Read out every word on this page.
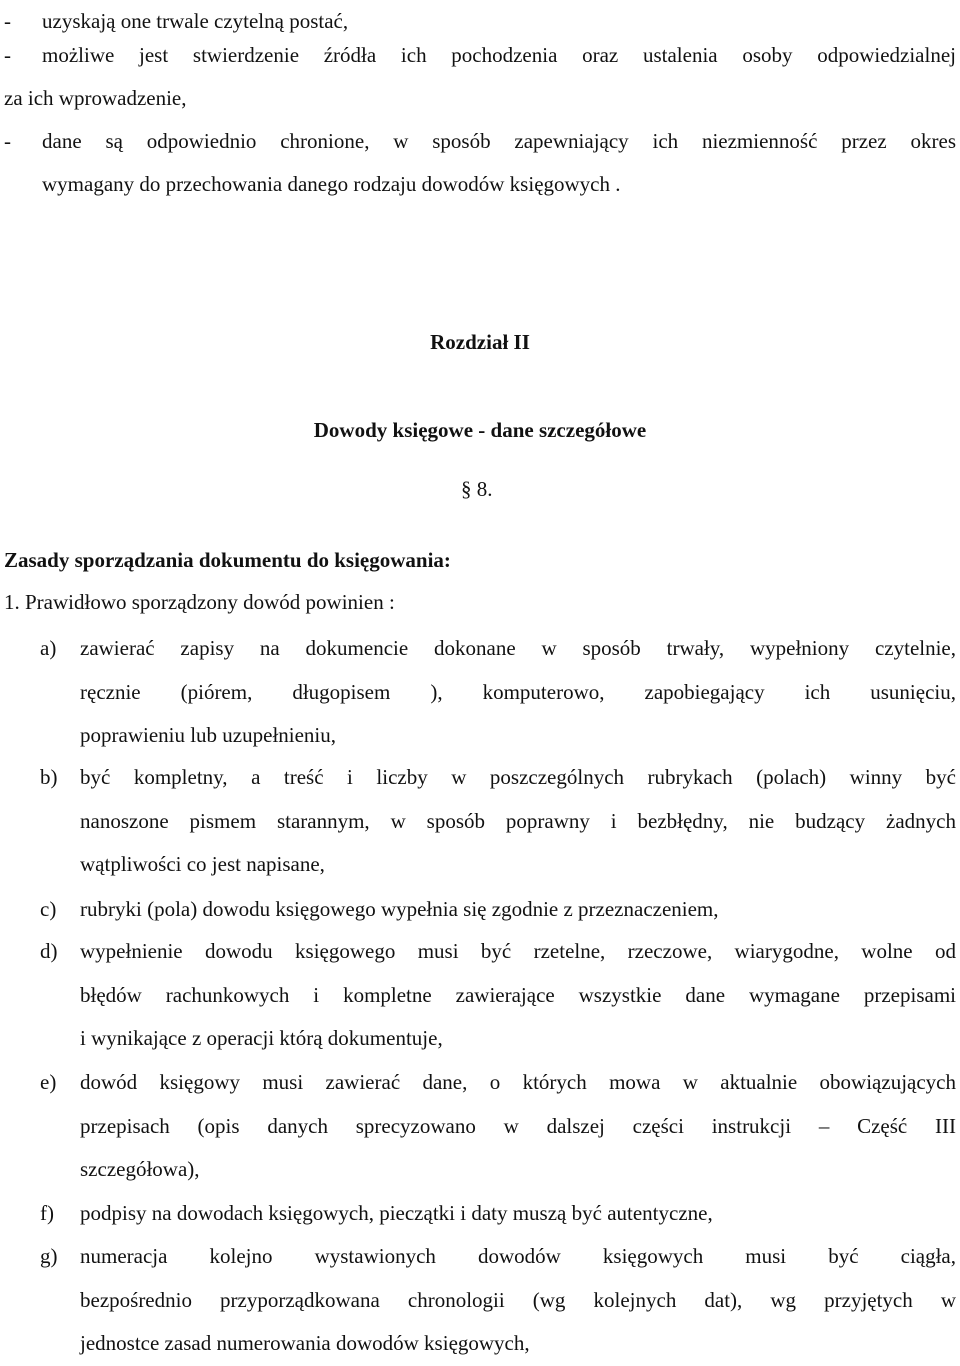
- uzyskają one trwale czytelną postać,
- możliwe jest stwierdzenie źródła ich pochodzenia oraz ustalenia osoby odpowiedzialnej
za ich wprowadzenie,
- dane są odpowiednio chronione, w sposób zapewniający ich niezmienność przez okres
wymagany do przechowania danego rodzaju dowodów księgowych .
Rozdział II
Dowody księgowe - dane szczegółowe
§ 8.
Zasady sporządzania dokumentu do księgowania:
1. Prawidłowo sporządzony dowód powinien :
a) zawierać zapisy na dokumencie dokonane w sposób trwały, wypełniony czytelnie,
ręcznie (piórem, długopisem ), komputerowo, zapobiegający ich usunięciu,
poprawieniu lub uzupełnieniu,
b) być kompletny, a treść i liczby w poszczególnych rubrykach (polach) winny być
nanoszone pismem starannym, w sposób poprawny i bezbłędny, nie budzący żadnych
wątpliwości co jest napisane,
c) rubryki (pola) dowodu księgowego wypełnia się zgodnie z przeznaczeniem,
d) wypełnienie dowodu księgowego musi być rzetelne, rzeczowe, wiarygodne, wolne od
błędów rachunkowych i kompletne zawierające wszystkie dane wymagane przepisami
i wynikające z operacji którą dokumentuje,
e) dowód księgowy musi zawierać dane, o których mowa w aktualnie obowiązujących
przepisach (opis danych sprecyzowano w dalszej części instrukcji – Część III
szczegółowa),
f) podpisy na dowodach księgowych, pieczątki i daty muszą być autentyczne,
g) numeracja kolejno wystawionych dowodów księgowych musi być ciągła,
bezpośrednio przyporządkowana chronologii (wg kolejnych dat), wg przyjętych w
jednostce zasad numerowania dowodów księgowych,
